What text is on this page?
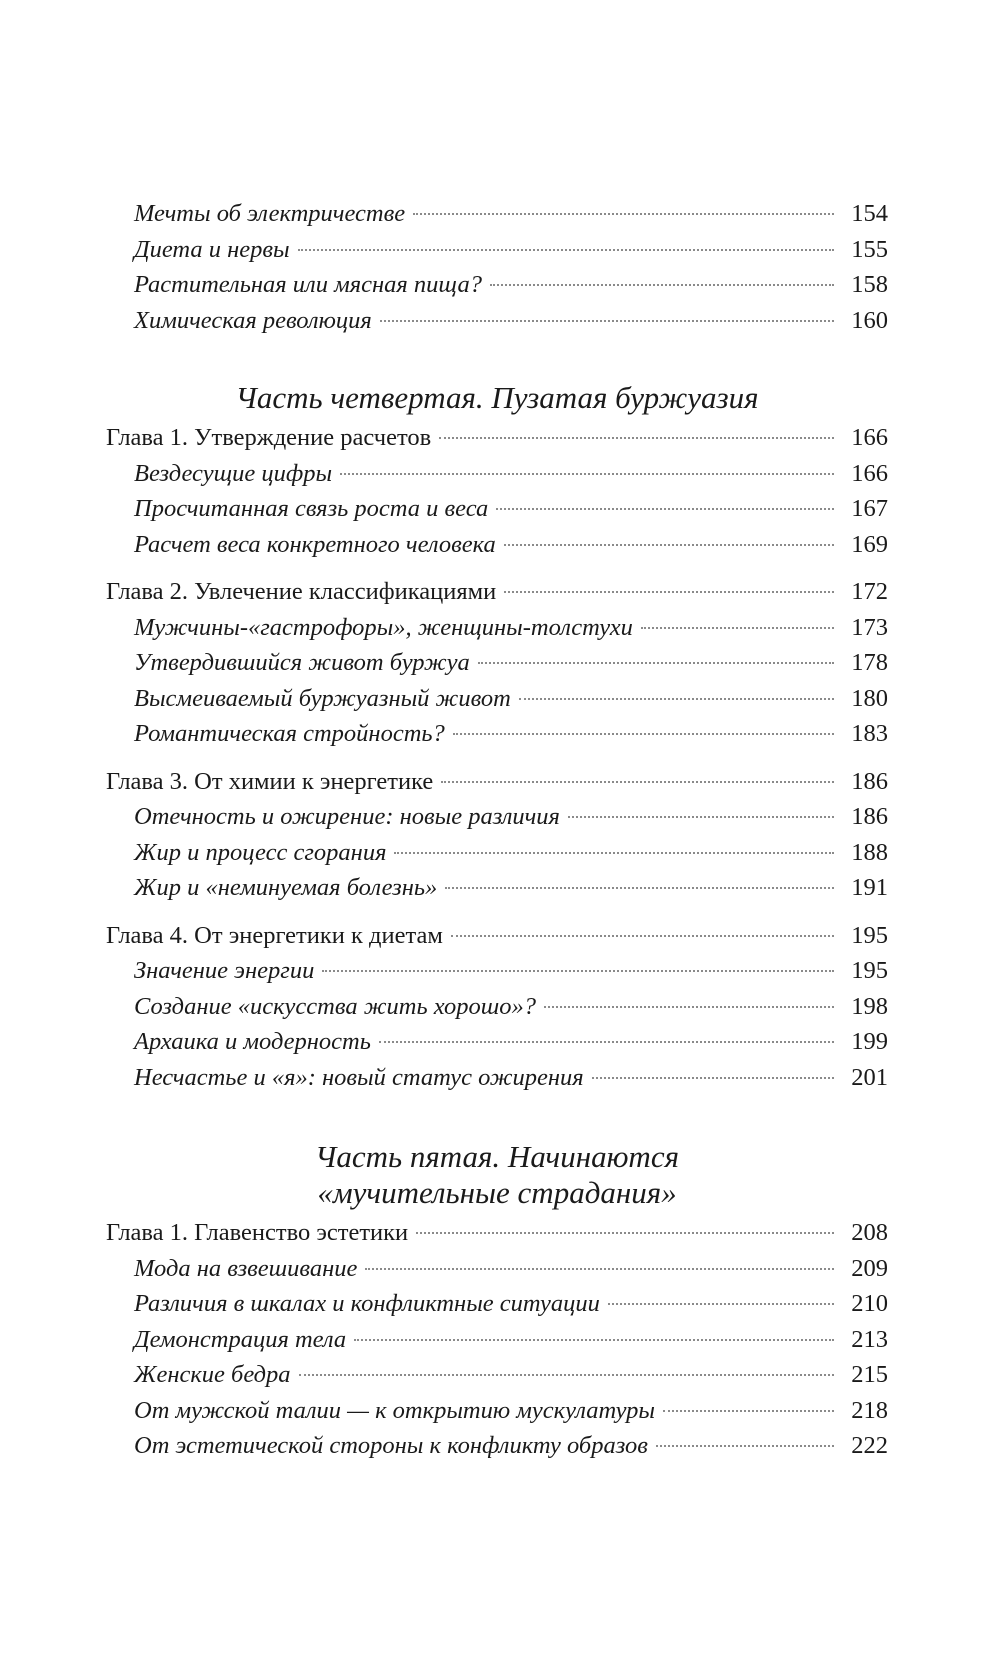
Мечты об электричестве	154
Диета и нервы	155
Растительная или мясная пища?	158
Химическая революция	160
Часть четвертая. Пузатая буржуазия
Глава 1. Утверждение расчетов	166
Вездесущие цифры	166
Просчитанная связь роста и веса	167
Расчет веса конкретного человека	169
Глава 2. Увлечение классификациями	172
Мужчины-«гастрофоры», женщины-толстухи	173
Утвердившийся живот буржуа	178
Высмеиваемый буржуазный живот	180
Романтическая стройность?	183
Глава 3. От химии к энергетике	186
Отечность и ожирение: новые различия	186
Жир и процесс сгорания	188
Жир и «неминуемая болезнь»	191
Глава 4. От энергетики к диетам	195
Значение энергии	195
Создание «искусства жить хорошо»?	198
Архаика и модерность	199
Несчастье и «я»: новый статус ожирения	201
Часть пятая. Начинаются
«мучительные страдания»
Глава 1. Главенство эстетики	208
Мода на взвешивание	209
Различия в шкалах и конфликтные ситуации	210
Демонстрация тела	213
Женские бедра	215
От мужской талии — к открытию мускулатуры	218
От эстетической стороны к конфликту образов	222
